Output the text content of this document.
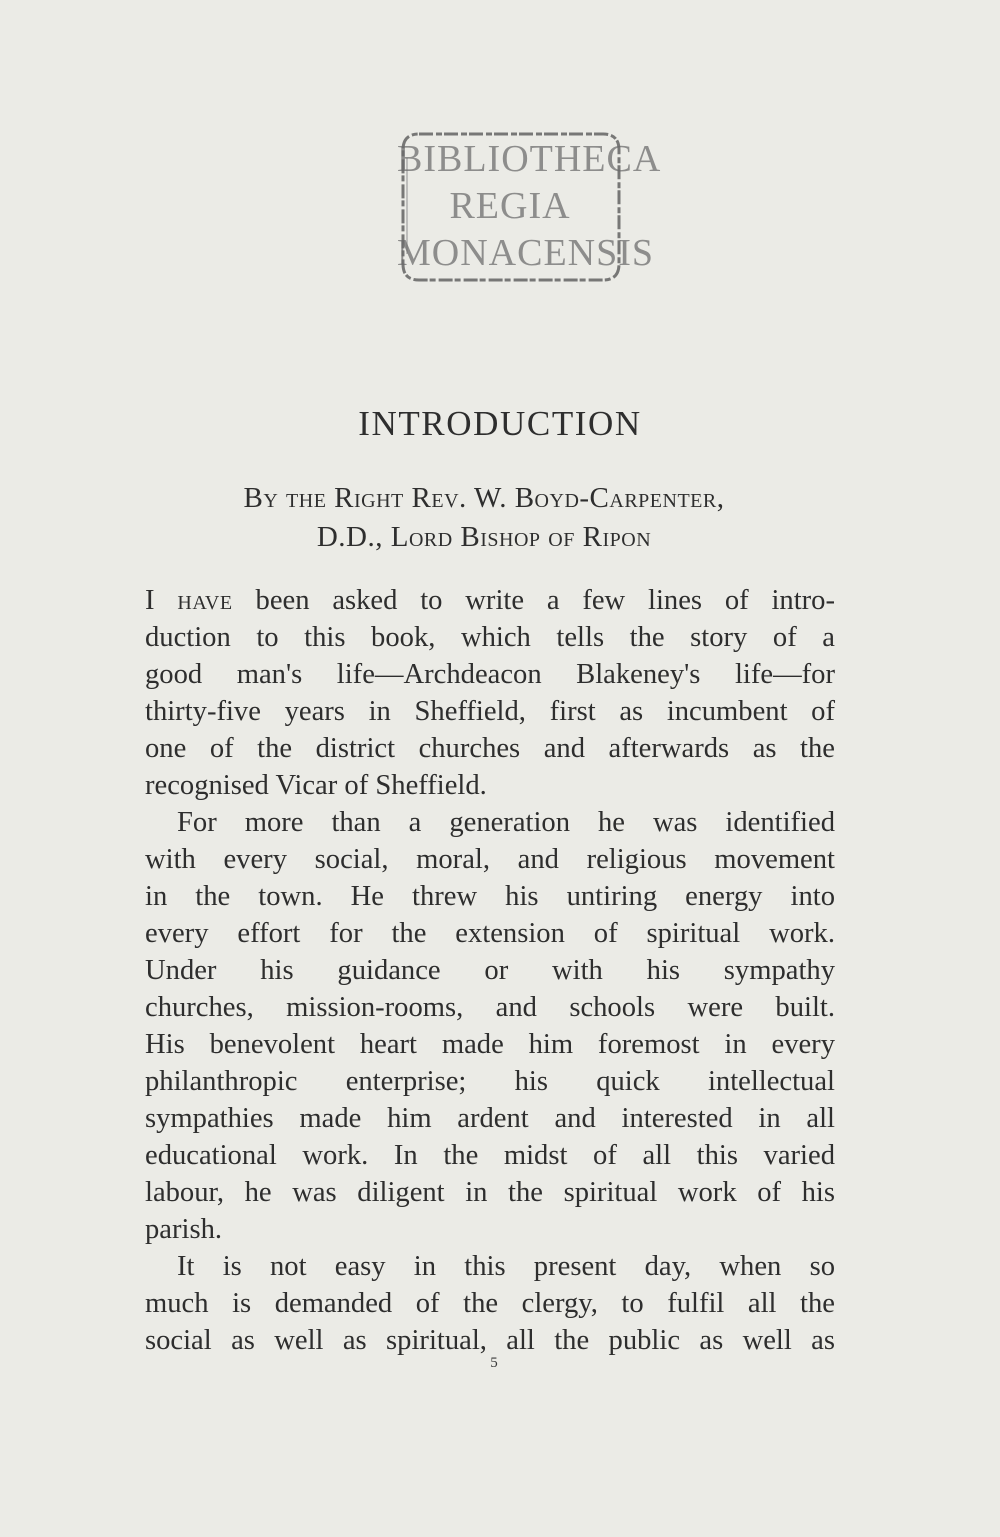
BIBLIOTHECA
REGIA
MONACENSIS
INTRODUCTION
By the Right Rev. W. Boyd-Carpenter,
D.D., Lord Bishop of Ripon
I have been asked to write a few lines of intro-
duction to this book, which tells the story of a
good man's life—Archdeacon Blakeney's life—for
thirty-five years in Sheffield, first as incumbent of
one of the district churches and afterwards as the
recognised Vicar of Sheffield.
For more than a generation he was identified
with every social, moral, and religious movement
in the town. He threw his untiring energy into
every effort for the extension of spiritual work.
Under his guidance or with his sympathy
churches, mission-rooms, and schools were built.
His benevolent heart made him foremost in every
philanthropic enterprise; his quick intellectual
sympathies made him ardent and interested in all
educational work. In the midst of all this varied
labour, he was diligent in the spiritual work of his
parish.
It is not easy in this present day, when so
much is demanded of the clergy, to fulfil all the
social as well as spiritual, all the public as well as
5
